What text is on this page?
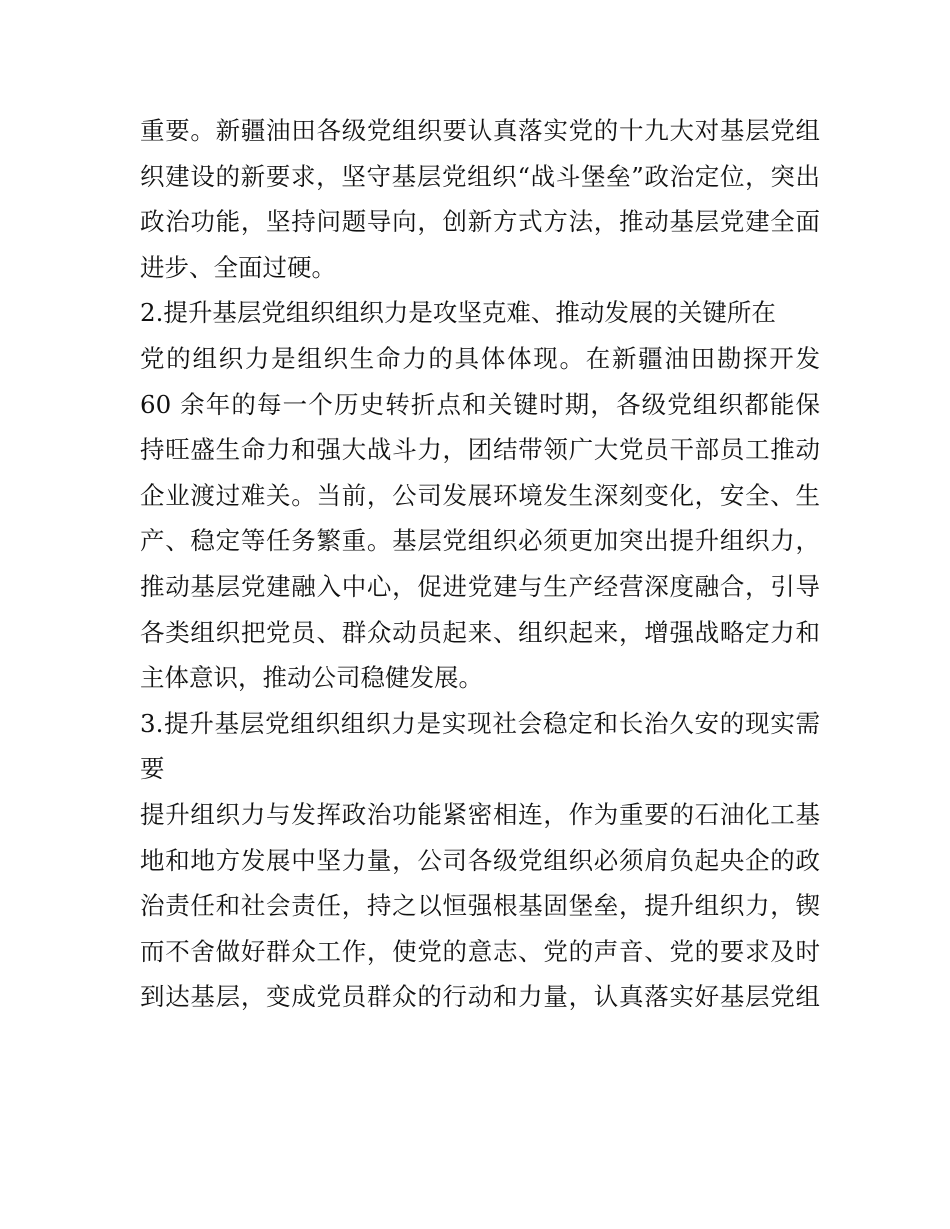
重要。新疆油田各级党组织要认真落实党的十九大对基层党组
织建设的新要求，坚守基层党组织“战斗堡垒”政治定位，突出
政治功能，坚持问题导向，创新方式方法，推动基层党建全面
进步、全面过硬。
2.提升基层党组织组织力是攻坚克难、推动发展的关键所在
党的组织力是组织生命力的具体体现。在新疆油田勘探开发
60 余年的每一个历史转折点和关键时期，各级党组织都能保
持旺盛生命力和强大战斗力，团结带领广大党员干部员工推动
企业渡过难关。当前，公司发展环境发生深刻变化，安全、生
产、稳定等任务繁重。基层党组织必须更加突出提升组织力，
推动基层党建融入中心，促进党建与生产经营深度融合，引导
各类组织把党员、群众动员起来、组织起来，增强战略定力和
主体意识，推动公司稳健发展。
3.提升基层党组织组织力是实现社会稳定和长治久安的现实需
要
提升组织力与发挥政治功能紧密相连，作为重要的石油化工基
地和地方发展中坚力量，公司各级党组织必须肩负起央企的政
治责任和社会责任，持之以恒强根基固堡垒，提升组织力，锲
而不舍做好群众工作，使党的意志、党的声音、党的要求及时
到达基层，变成党员群众的行动和力量，认真落实好基层党组
